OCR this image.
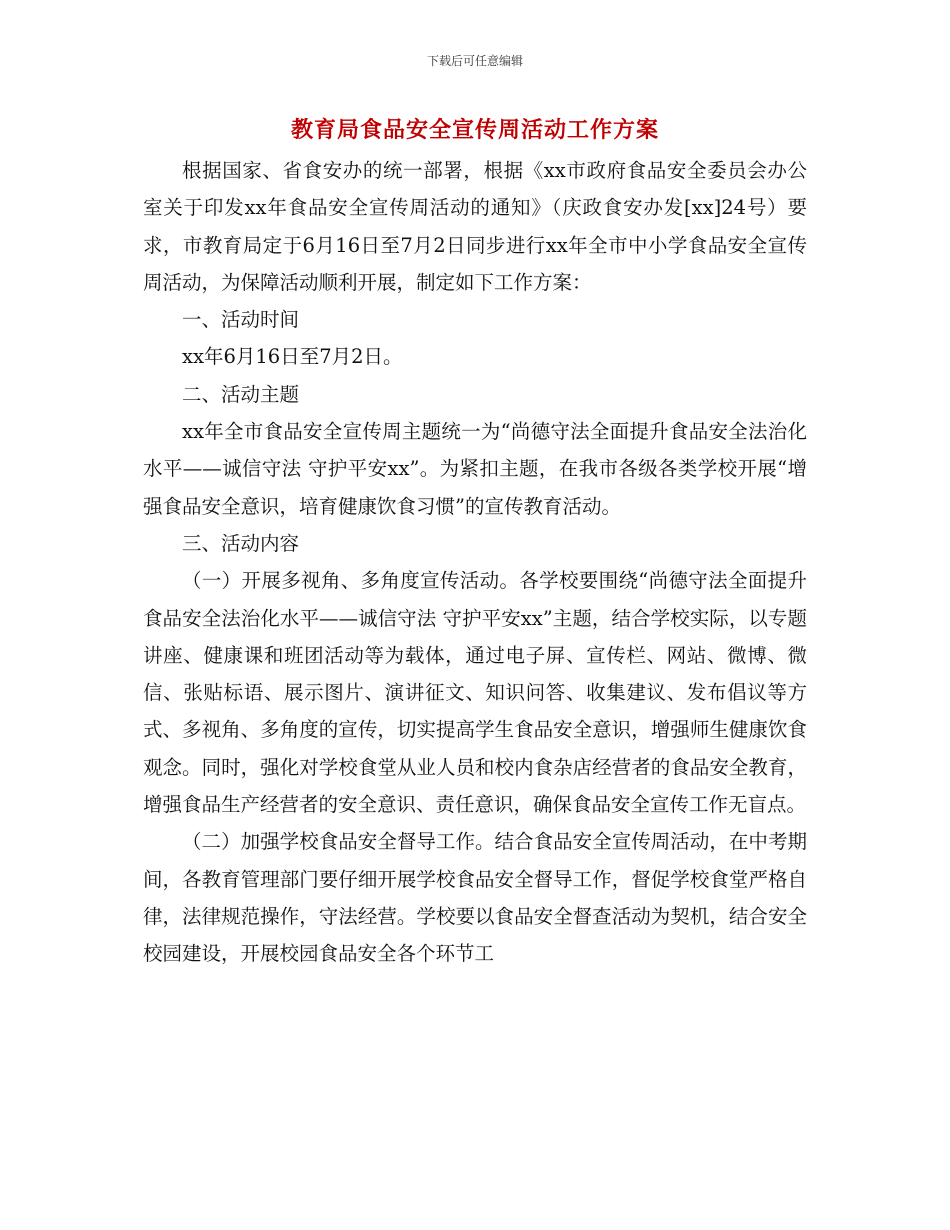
下载后可任意编辑
教育局食品安全宣传周活动工作方案

根据国家、省食安办的统一部署，根据《xx市政府食品安全委员会办公室关于印发xx年食品安全宣传周活动的通知》（庆政食安办发[xx]24号）要求，市教育局定于6月16日至7月2日同步进行xx年全市中小学食品安全宣传周活动，为保障活动顺利开展，制定如下工作方案：

一、活动时间

xx年6月16日至7月2日。

二、活动主题

xx年全市食品安全宣传周主题统一为“尚德守法全面提升食品安全法治化水平——诚信守法 守护平安xx”。为紧扣主题，在我市各级各类学校开展“增强食品安全意识，培育健康饮食习惯”的宣传教育活动。

三、活动内容

（一）开展多视角、多角度宣传活动。各学校要围绕“尚德守法全面提升食品安全法治化水平——诚信守法 守护平安xx”主题，结合学校实际，以专题讲座、健康课和班团活动等为载体，通过电子屏、宣传栏、网站、微博、微信、张贴标语、展示图片、演讲征文、知识问答、收集建议、发布倡议等方式、多视角、多角度的宣传，切实提高学生食品安全意识，增强师生健康饮食观念。同时，强化对学校食堂从业人员和校内食杂店经营者的食品安全教育，增强食品生产经营者的安全意识、责任意识，确保食品安全宣传工作无盲点。

（二）加强学校食品安全督导工作。结合食品安全宣传周活动，在中考期间，各教育管理部门要仔细开展学校食品安全督导工作，督促学校食堂严格自律，法律规范操作，守法经营。学校要以食品安全督查活动为契机，结合安全校园建设，开展校园食品安全各个环节工
